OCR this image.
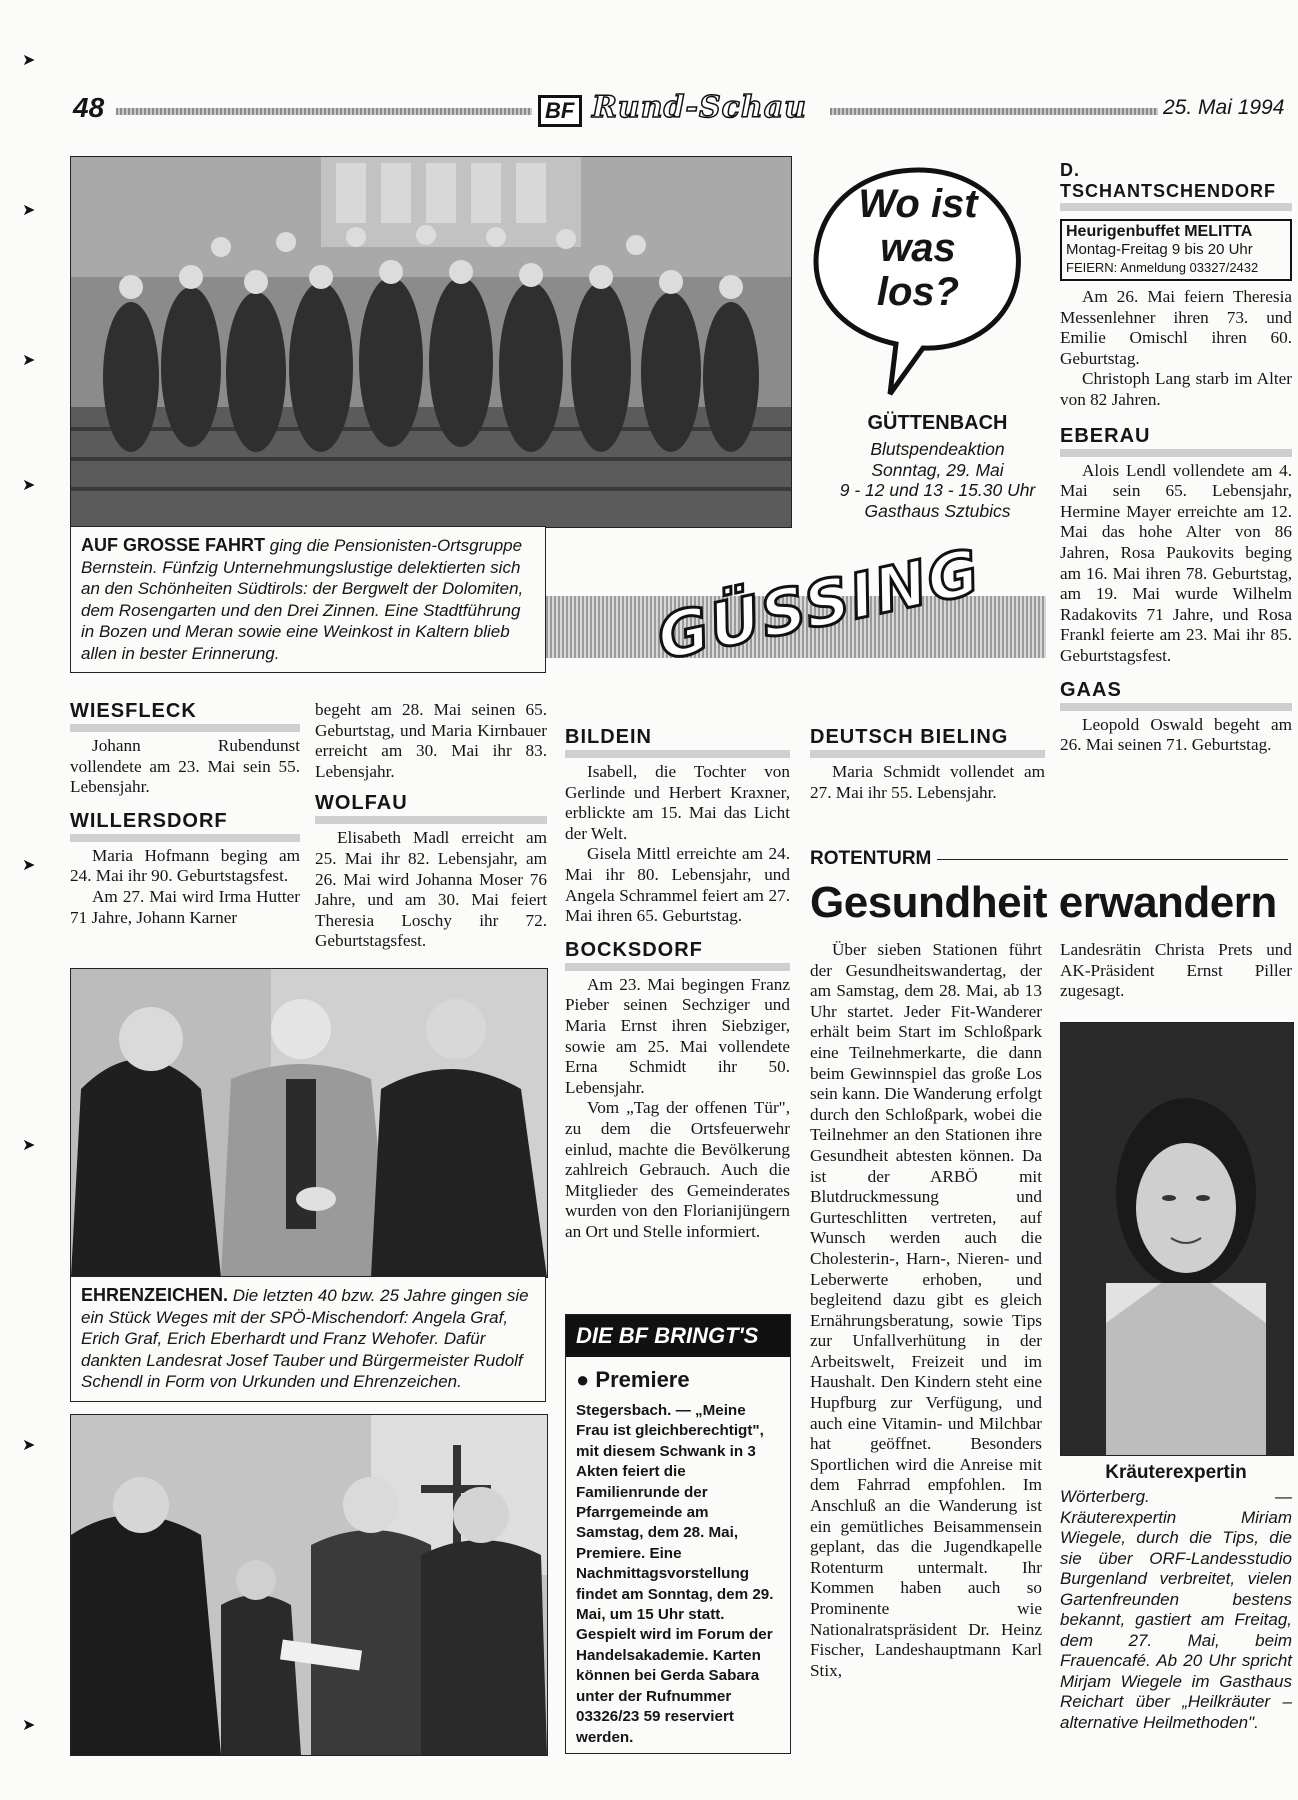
➤
➤
➤
➤
➤
➤
➤
➤
48	BF Rund-Schau	25. Mai 1994
AUF GROSSE FAHRT ging die Pensionisten-Ortsgruppe Bernstein. Fünfzig Unternehmungslustige delektierten sich an den Schönheiten Südtirols: der Bergwelt der Dolomiten, dem Rosengarten und den Drei Zinnen. Eine Stadtführung in Bozen und Meran sowie eine Weinkost in Kaltern blieb allen in bester Erinnerung.
Wo ist was los?
GÜTTENBACH
Blutspendeaktion
Sonntag, 29. Mai
9 - 12 und 13 - 15.30 Uhr
Gasthaus Sztubics
GÜSSING
D. TSCHANTSCHENDORF
Heurigenbuffet MELITTA
Montag-Freitag 9 bis 20 Uhr
FEIERN: Anmeldung 03327/2432

Am 26. Mai feiern Theresia Messenlehner ihren 73. und Emilie Omischl ihren 60. Geburtstag.

Christoph Lang starb im Alter von 82 Jahren.

EBERAU

Alois Lendl vollendete am 4. Mai sein 65. Lebensjahr, Hermine Mayer erreichte am 12. Mai das hohe Alter von 86 Jahren, Rosa Paukovits beging am 16. Mai ihren 78. Geburtstag, am 19. Mai wurde Wilhelm Radakovits 71 Jahre, und Rosa Frankl feierte am 23. Mai ihr 85. Geburtstagsfest.

GAAS

Leopold Oswald begeht am 26. Mai seinen 71. Geburtstag.

WIESFLECK

Johann Rubendunst vollendete am 23. Mai sein 55. Lebensjahr.

WILLERSDORF

Maria Hofmann beging am 24. Mai ihr 90. Geburtstagsfest.

Am 27. Mai wird Irma Hutter 71 Jahre, Johann Karner

begeht am 28. Mai seinen 65. Geburtstag, und Maria Kirnbauer erreicht am 30. Mai ihr 83. Lebensjahr.

WOLFAU

Elisabeth Madl erreicht am 25. Mai ihr 82. Lebensjahr, am 26. Mai wird Johanna Moser 76 Jahre, und am 30. Mai feiert Theresia Loschy ihr 72. Geburtstagsfest.

BILDEIN

Isabell, die Tochter von Gerlinde und Herbert Kraxner, erblickte am 15. Mai das Licht der Welt.

Gisela Mittl erreichte am 24. Mai ihr 80. Lebensjahr, und Angela Schrammel feiert am 27. Mai ihren 65. Geburtstag.

BOCKSDORF

Am 23. Mai begingen Franz Pieber seinen Sechziger und Maria Ernst ihren Siebziger, sowie am 25. Mai vollendete Erna Schmidt ihr 50. Lebensjahr.

Vom „Tag der offenen Tür", zu dem die Ortsfeuerwehr einlud, machte die Bevölkerung zahlreich Gebrauch. Auch die Mitglieder des Gemeinderates wurden von den Florianijüngern an Ort und Stelle informiert.

DEUTSCH BIELING

Maria Schmidt vollendet am 27. Mai ihr 55. Lebensjahr.

ROTENTURM
Gesundheit erwandern

Über sieben Stationen führt der Gesundheitswandertag, der am Samstag, dem 28. Mai, ab 13 Uhr startet. Jeder Fit-Wanderer erhält beim Start im Schloßpark eine Teilnehmerkarte, die dann beim Gewinnspiel das große Los sein kann. Die Wanderung erfolgt durch den Schloßpark, wobei die Teilnehmer an den Stationen ihre Gesundheit abtesten können. Da ist der ARBÖ mit Blutdruckmessung und Gurteschlitten vertreten, auf Wunsch werden auch die Cholesterin-, Harn-, Nieren- und Leberwerte erhoben, und begleitend dazu gibt es gleich Ernährungsberatung, sowie Tips zur Unfallverhütung in der Arbeitswelt, Freizeit und im Haushalt. Den Kindern steht eine Hupfburg zur Verfügung, und auch eine Vitamin- und Milchbar hat geöffnet. Besonders Sportlichen wird die Anreise mit dem Fahrrad empfohlen. Im Anschluß an die Wanderung ist ein gemütliches Beisammensein geplant, das die Jugendkapelle Rotenturm untermalt. Ihr Kommen haben auch so Prominente wie Nationalratspräsident Dr. Heinz Fischer, Landeshauptmann Karl Stix,

Landesrätin Christa Prets und AK-Präsident Ernst Piller zugesagt.

Kräuterexpertin
Wörterberg. — Kräuterexpertin Miriam Wiegele, durch die Tips, die sie über ORF-Landesstudio Burgenland verbreitet, vielen Gartenfreunden bestens bekannt, gastiert am Freitag, dem 27. Mai, beim Frauencafé. Ab 20 Uhr spricht Mirjam Wiegele im Gasthaus Reichart über „Heilkräuter – alternative Heilmethoden".
EHRENZEICHEN. Die letzten 40 bzw. 25 Jahre gingen sie ein Stück Weges mit der SPÖ-Mischendorf: Angela Graf, Erich Graf, Erich Eberhardt und Franz Wehofer. Dafür dankten Landesrat Josef Tauber und Bürgermeister Rudolf Schendl in Form von Urkunden und Ehrenzeichen.
DIE BF BRINGT'S
● Premiere
Stegersbach. — „Meine Frau ist gleichberechtigt", mit diesem Schwank in 3 Akten feiert die Familienrunde der Pfarrgemeinde am Samstag, dem 28. Mai, Premiere. Eine Nachmittagsvorstellung findet am Sonntag, dem 29. Mai, um 15 Uhr statt. Gespielt wird im Forum der Handelsakademie. Karten können bei Gerda Sabara unter der Rufnummer 03326/23 59 reserviert werden.
